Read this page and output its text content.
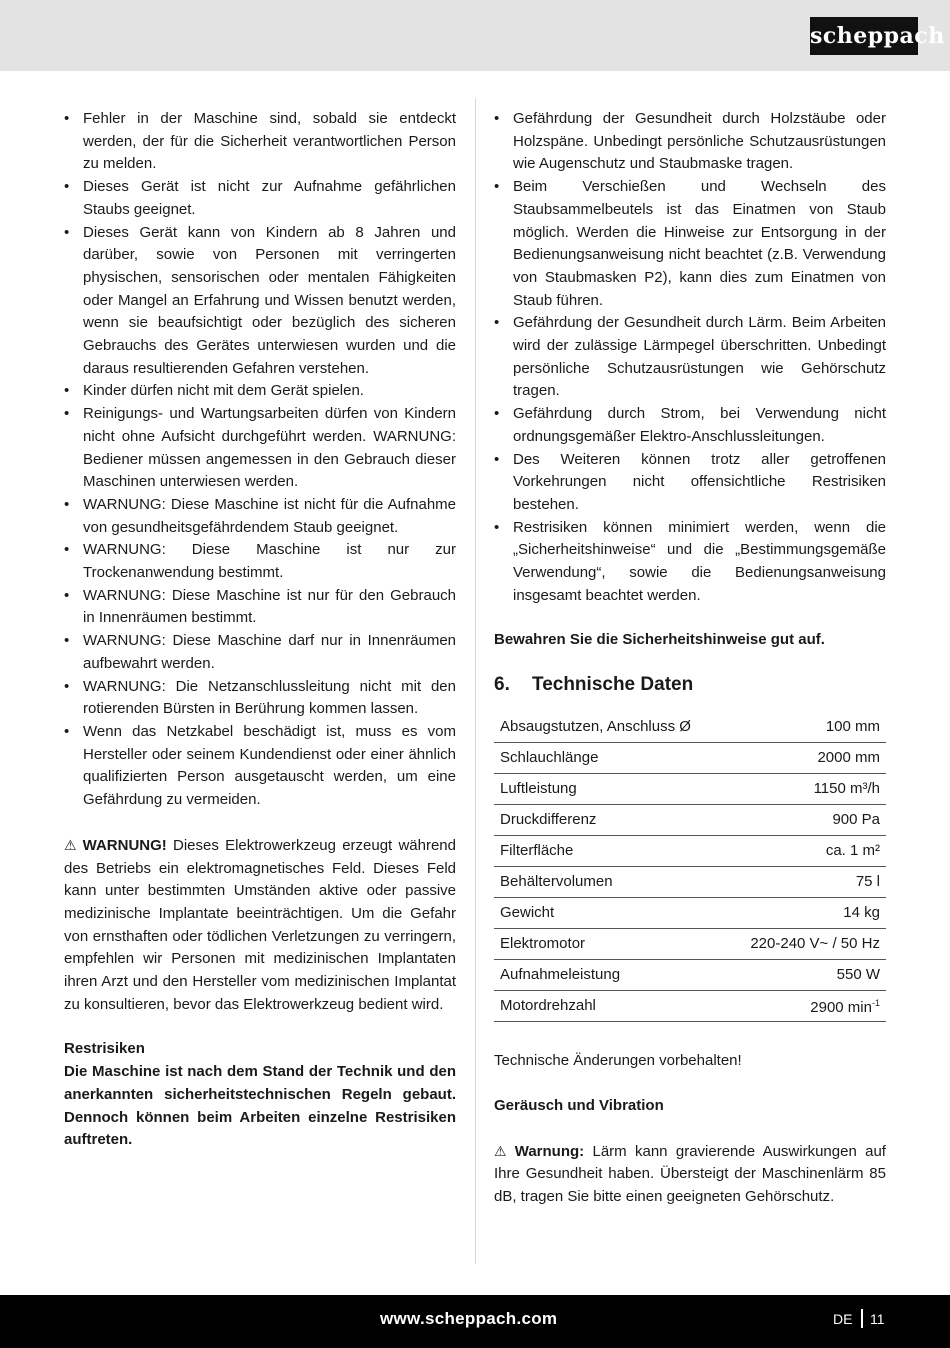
scheppach
• Fehler in der Maschine sind, sobald sie entdeckt werden, der für die Sicherheit verantwortlichen Person zu melden.
• Dieses Gerät ist nicht zur Aufnahme gefährlichen Staubs geeignet.
• Dieses Gerät kann von Kindern ab 8 Jahren und darüber, sowie von Personen mit verringerten physischen, sensorischen oder mentalen Fähigkeiten oder Mangel an Erfahrung und Wissen benutzt werden, wenn sie beaufsichtigt oder bezüglich des sicheren Gebrauchs des Gerätes unterwiesen wurden und die daraus resultierenden Gefahren verstehen.
• Kinder dürfen nicht mit dem Gerät spielen.
• Reinigungs- und Wartungsarbeiten dürfen von Kindern nicht ohne Aufsicht durchgeführt werden. WARNUNG: Bediener müssen angemessen in den Gebrauch dieser Maschinen unterwiesen werden.
• WARNUNG: Diese Maschine ist nicht für die Aufnahme von gesundheitsgefährdendem Staub geeignet.
• WARNUNG: Diese Maschine ist nur zur Trockenanwendung bestimmt.
• WARNUNG: Diese Maschine ist nur für den Gebrauch in Innenräumen bestimmt.
• WARNUNG: Diese Maschine darf nur in Innenräumen aufbewahrt werden.
• WARNUNG: Die Netzanschlussleitung nicht mit den rotierenden Bürsten in Berührung kommen lassen.
• Wenn das Netzkabel beschädigt ist, muss es vom Hersteller oder seinem Kundendienst oder einer ähnlich qualifizierten Person ausgetauscht werden, um eine Gefährdung zu vermeiden.

⚠ WARNUNG! Dieses Elektrowerkzeug erzeugt während des Betriebs ein elektromagnetisches Feld. Dieses Feld kann unter bestimmten Umständen aktive oder passive medizinische Implantate beeinträchtigen. Um die Gefahr von ernsthaften oder tödlichen Verletzungen zu verringern, empfehlen wir Personen mit medizinischen Implantaten ihren Arzt und den Hersteller vom medizinischen Implantat zu konsultieren, bevor das Elektrowerkzeug bedient wird.

Restrisiken

Die Maschine ist nach dem Stand der Technik und den anerkannten sicherheitstechnischen Regeln gebaut. Dennoch können beim Arbeiten einzelne Restrisiken auftreten.

• Gefährdung der Gesundheit durch Holzstäube oder Holzspäne. Unbedingt persönliche Schutzausrüstungen wie Augenschutz und Staubmaske tragen.
• Beim Verschießen und Wechseln des Staubsammelbeutels ist das Einatmen von Staub möglich. Werden die Hinweise zur Entsorgung in der Bedienungsanweisung nicht beachtet (z.B. Verwendung von Staubmasken P2), kann dies zum Einatmen von Staub führen.
• Gefährdung der Gesundheit durch Lärm. Beim Arbeiten wird der zulässige Lärmpegel überschritten. Unbedingt persönliche Schutzausrüstungen wie Gehörschutz tragen.
• Gefährdung durch Strom, bei Verwendung nicht ordnungsgemäßer Elektro-Anschlussleitungen.
• Des Weiteren können trotz aller getroffenen Vorkehrungen nicht offensichtliche Restrisiken bestehen.
• Restrisiken können minimiert werden, wenn die „Sicherheitshinweise“ und die „Bestimmungsgemäße Verwendung“, sowie die Bedienungsanweisung insgesamt beachtet werden.

Bewahren Sie die Sicherheitshinweise gut auf.

6. Technische Daten
Absaugstutzen, Anschluss Ø	100 mm
Schlauchlänge	2000 mm
Luftleistung	1150 m³/h
Druckdifferenz	900 Pa
Filterfläche	ca. 1 m²
Behältervolumen	75 l
Gewicht	14 kg
Elektromotor	220-240 V~ / 50 Hz
Aufnahmeleistung	550 W
Motordrehzahl	2900 $\min^{-1}$

Technische Änderungen vorbehalten!

Geräusch und Vibration

⚠ Warnung: Lärm kann gravierende Auswirkungen auf Ihre Gesundheit haben. Übersteigt der Maschinenlärm 85 dB, tragen Sie bitte einen geeigneten Gehörschutz.

www.scheppach.com	DE 11
